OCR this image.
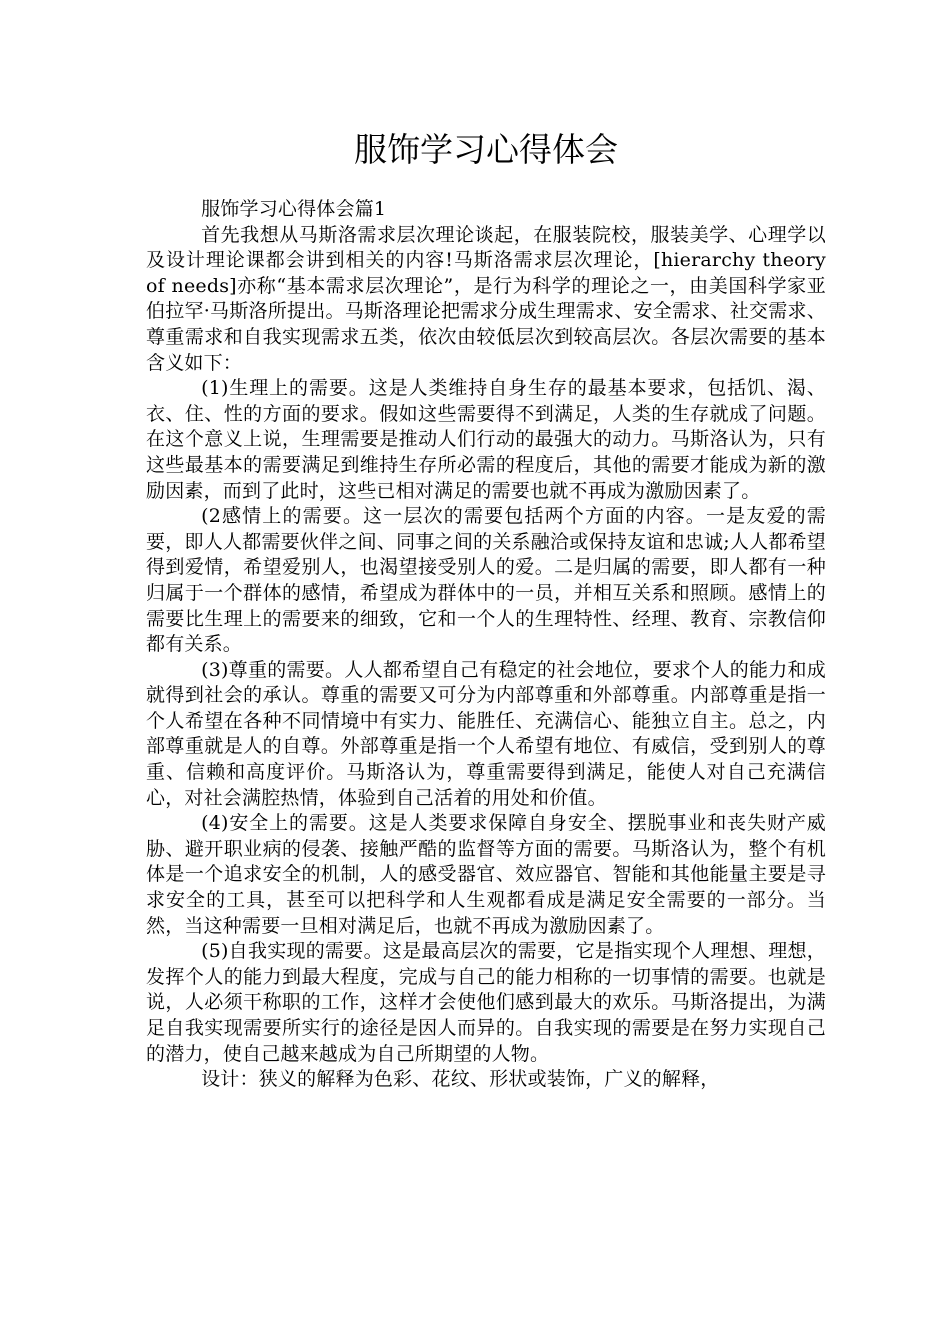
服饰学习心得体会

服饰学习心得体会篇1

首先我想从马斯洛需求层次理论谈起，在服装院校，服装美学、心理学以及设计理论课都会讲到相关的内容!马斯洛需求层次理论，[hierarchy theory of needs]亦称“基本需求层次理论”，是行为科学的理论之一，由美国科学家亚伯拉罕·马斯洛所提出。马斯洛理论把需求分成生理需求、安全需求、社交需求、尊重需求和自我实现需求五类，依次由较低层次到较高层次。各层次需要的基本含义如下：

(1)生理上的需要。这是人类维持自身生存的最基本要求，包括饥、渴、衣、住、性的方面的要求。假如这些需要得不到满足，人类的生存就成了问题。在这个意义上说，生理需要是推动人们行动的最强大的动力。马斯洛认为，只有这些最基本的需要满足到维持生存所必需的程度后，其他的需要才能成为新的激励因素，而到了此时，这些已相对满足的需要也就不再成为激励因素了。

(2感情上的需要。这一层次的需要包括两个方面的内容。一是友爱的需要，即人人都需要伙伴之间、同事之间的关系融洽或保持友谊和忠诚;人人都希望得到爱情，希望爱别人，也渴望接受别人的爱。二是归属的需要，即人都有一种归属于一个群体的感情，希望成为群体中的一员，并相互关系和照顾。感情上的需要比生理上的需要来的细致，它和一个人的生理特性、经理、教育、宗教信仰都有关系。

(3)尊重的需要。人人都希望自己有稳定的社会地位，要求个人的能力和成就得到社会的承认。尊重的需要又可分为内部尊重和外部尊重。内部尊重是指一个人希望在各种不同情境中有实力、能胜任、充满信心、能独立自主。总之，内部尊重就是人的自尊。外部尊重是指一个人希望有地位、有威信，受到别人的尊重、信赖和高度评价。马斯洛认为，尊重需要得到满足，能使人对自己充满信心，对社会满腔热情，体验到自己活着的用处和价值。

(4)安全上的需要。这是人类要求保障自身安全、摆脱事业和丧失财产威胁、避开职业病的侵袭、接触严酷的监督等方面的需要。马斯洛认为，整个有机体是一个追求安全的机制，人的感受器官、效应器官、智能和其他能量主要是寻求安全的工具，甚至可以把科学和人生观都看成是满足安全需要的一部分。当然，当这种需要一旦相对满足后，也就不再成为激励因素了。

(5)自我实现的需要。这是最高层次的需要，它是指实现个人理想、理想，发挥个人的能力到最大程度，完成与自己的能力相称的一切事情的需要。也就是说，人必须干称职的工作，这样才会使他们感到最大的欢乐。马斯洛提出，为满足自我实现需要所实行的途径是因人而异的。自我实现的需要是在努力实现自己的潜力，使自己越来越成为自己所期望的人物。

设计：狭义的解释为色彩、花纹、形状或装饰，广义的解释，
